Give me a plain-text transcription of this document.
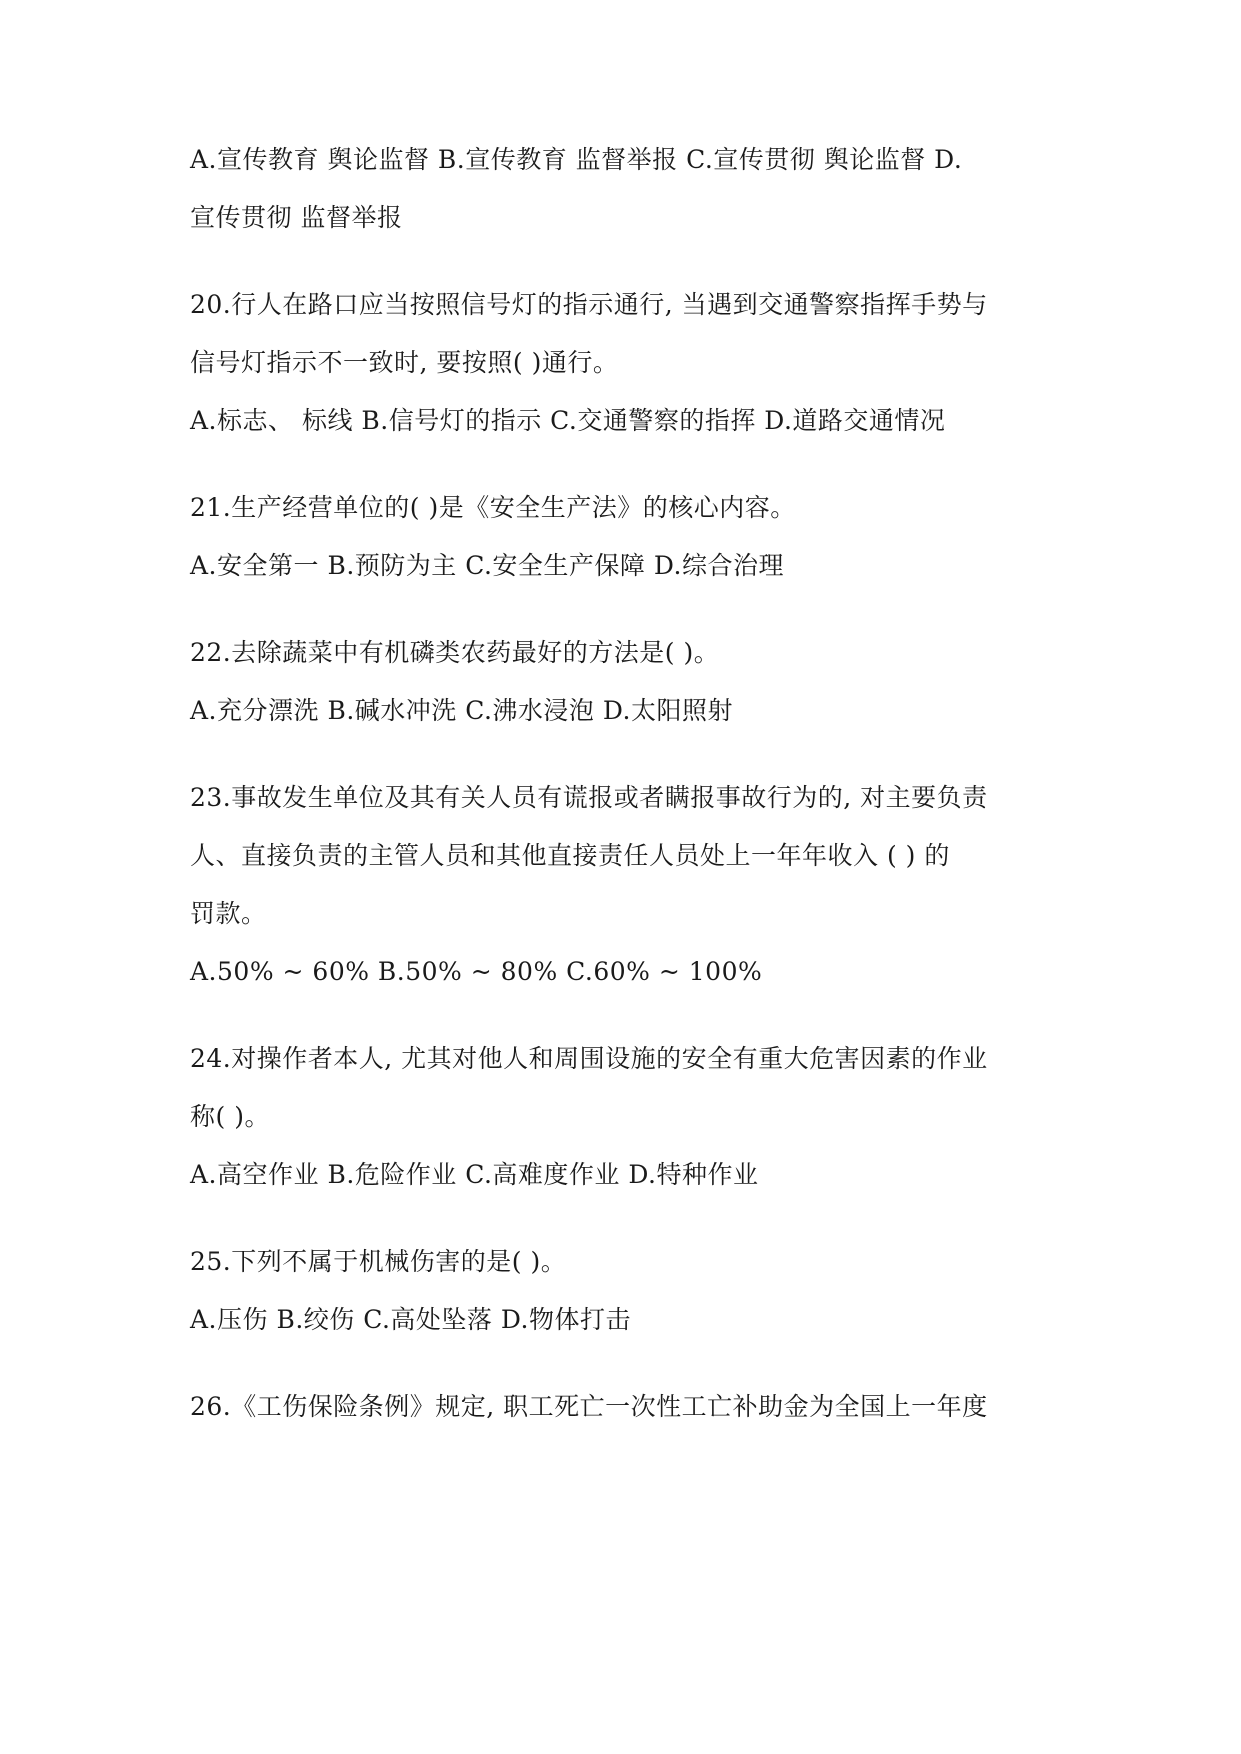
A.宣传教育 舆论监督 B.宣传教育 监督举报 C.宣传贯彻 舆论监督 D.
宣传贯彻 监督举报
20.行人在路口应当按照信号灯的指示通行, 当遇到交通警察指挥手势与
信号灯指示不一致时, 要按照( )通行。
A.标志、 标线 B.信号灯的指示 C.交通警察的指挥 D.道路交通情况
21.生产经营单位的( )是《安全生产法》的核心内容。
A.安全第一 B.预防为主 C.安全生产保障 D.综合治理
22.去除蔬菜中有机磷类农药最好的方法是( )。
A.充分漂洗 B.碱水冲洗 C.沸水浸泡 D.太阳照射
23.事故发生单位及其有关人员有谎报或者瞒报事故行为的, 对主要负责
人、直接负责的主管人员和其他直接责任人员处上一年年收入 ( ) 的
罚款。
A.50% ~ 60% B.50% ~ 80% C.60% ~ 100%
24.对操作者本人, 尤其对他人和周围设施的安全有重大危害因素的作业
称( )。
A.高空作业 B.危险作业 C.高难度作业 D.特种作业
25.下列不属于机械伤害的是( )。
A.压伤 B.绞伤 C.高处坠落 D.物体打击
26.《工伤保险条例》规定, 职工死亡一次性工亡补助金为全国上一年度
